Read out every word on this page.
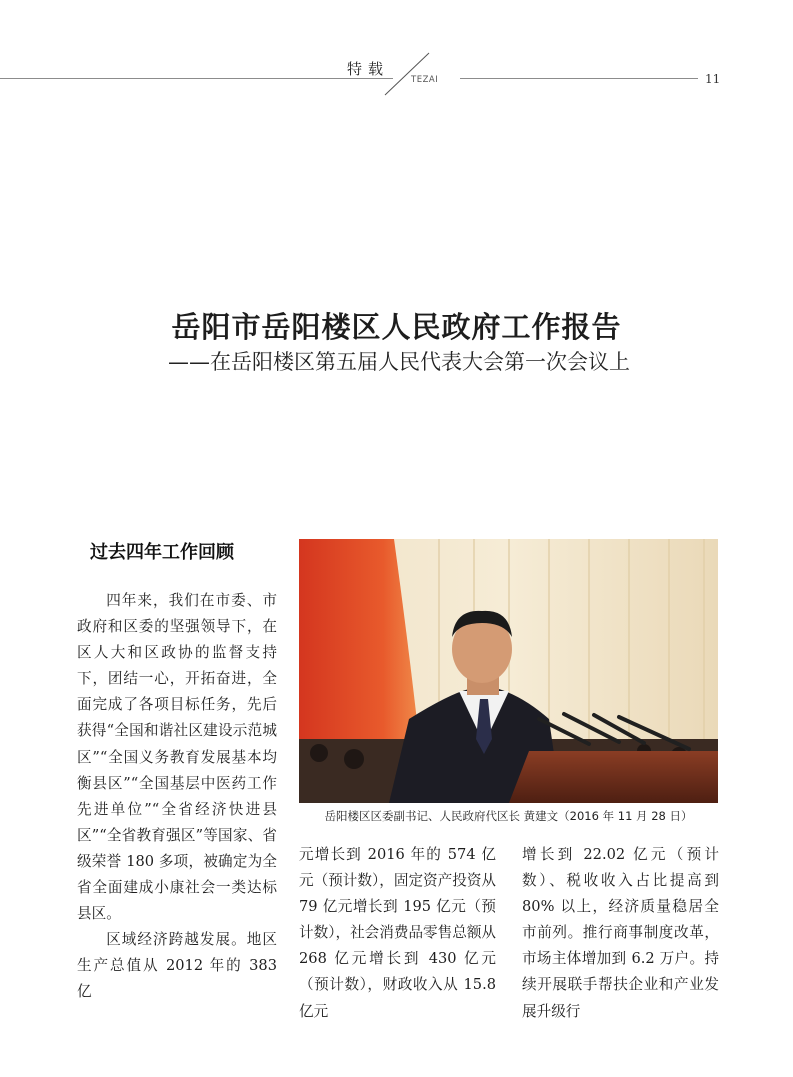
特载
TEZAI	11
岳阳市岳阳楼区人民政府工作报告
——在岳阳楼区第五届人民代表大会第一次会议上
过去四年工作回顾

四年来，我们在市委、市政府和区委的坚强领导下，在区人大和区政协的监督支持下，团结一心，开拓奋进，全面完成了各项目标任务，先后获得“全国和谐社区建设示范城区”“全国义务教育发展基本均衡县区”“全国基层中医药工作先进单位”“全省经济快进县区”“全省教育强区”等国家、省级荣誉 180 多项，被确定为全省全面建成小康社会一类达标县区。

区域经济跨越发展。地区生产总值从 2012 年的 383 亿

岳阳楼区区委副书记、人民政府代区长 黄建文（2016 年 11 月 28 日）

元增长到 2016 年的 574 亿元（预计数），固定资产投资从 79 亿元增长到 195 亿元（预计数），社会消费品零售总额从 268 亿元增长到 430 亿元（预计数），财政收入从 15.8 亿元

增长到 22.02 亿元（预计数）、税收收入占比提高到 80% 以上，经济质量稳居全市前列。推行商事制度改革，市场主体增加到 6.2 万户。持续开展联手帮扶企业和产业发展升级行
